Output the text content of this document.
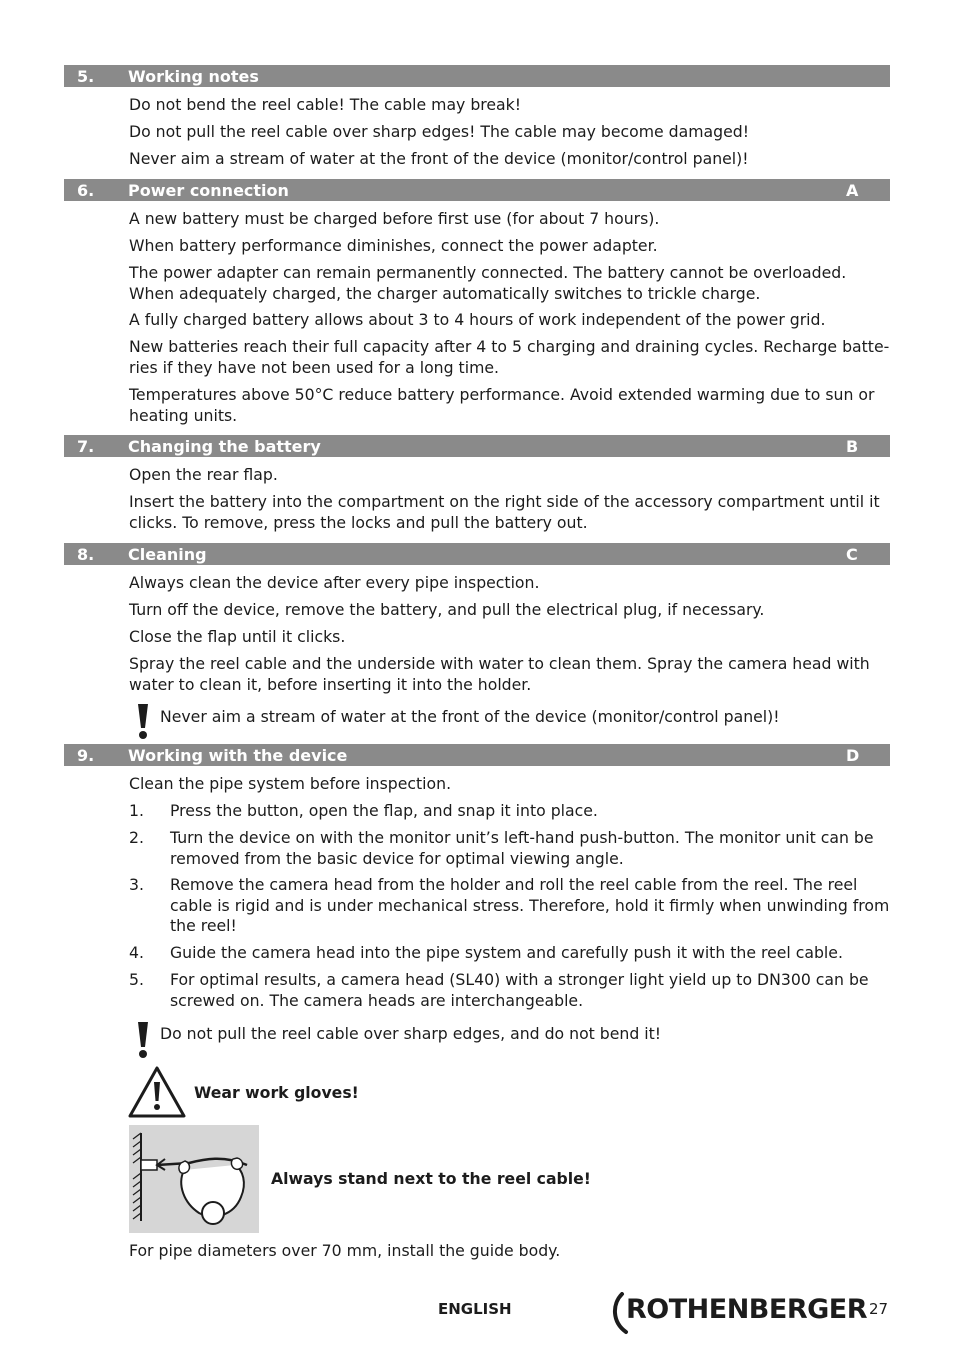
5. Working notes
Do not bend the reel cable! The cable may break!
Do not pull the reel cable over sharp edges! The cable may become damaged!
Never aim a stream of water at the front of the device (monitor/control panel)!
6. Power connection	A
A new battery must be charged before first use (for about 7 hours).
When battery performance diminishes, connect the power adapter.
The power adapter can remain permanently connected. The battery cannot be overloaded. When adequately charged, the charger automatically switches to trickle charge.
A fully charged battery allows about 3 to 4 hours of work independent of the power grid.
New batteries reach their full capacity after 4 to 5 charging and draining cycles. Recharge batte-ries if they have not been used for a long time.
Temperatures above 50°C reduce battery performance. Avoid extended warming due to sun or heating units.
7. Changing the battery	B
Open the rear flap.
Insert the battery into the compartment on the right side of the accessory compartment until it clicks. To remove, press the locks and pull the battery out.
8. Cleaning	C
Always clean the device after every pipe inspection.
Turn off the device, remove the battery, and pull the electrical plug, if necessary.
Close the flap until it clicks.
Spray the reel cable and the underside with water to clean them. Spray the camera head with water to clean it, before inserting it into the holder.
Never aim a stream of water at the front of the device (monitor/control panel)!
9. Working with the device	D
Clean the pipe system before inspection.
1. Press the button, open the flap, and snap it into place.
2. Turn the device on with the monitor unit’s left-hand push-button. The monitor unit can be removed from the basic device for optimal viewing angle.
3. Remove the camera head from the holder and roll the reel cable from the reel. The reel cable is rigid and is under mechanical stress. Therefore, hold it firmly when unwinding from the reel!
4. Guide the camera head into the pipe system and carefully push it with the reel cable.
5. For optimal results, a camera head (SL40) with a stronger light yield up to DN300 can be screwed on. The camera heads are interchangeable.
Do not pull the reel cable over sharp edges, and do not bend it!
Wear work gloves!
Always stand next to the reel cable!
For pipe diameters over 70 mm, install the guide body.
ENGLISH	ROTHENBERGER 27
